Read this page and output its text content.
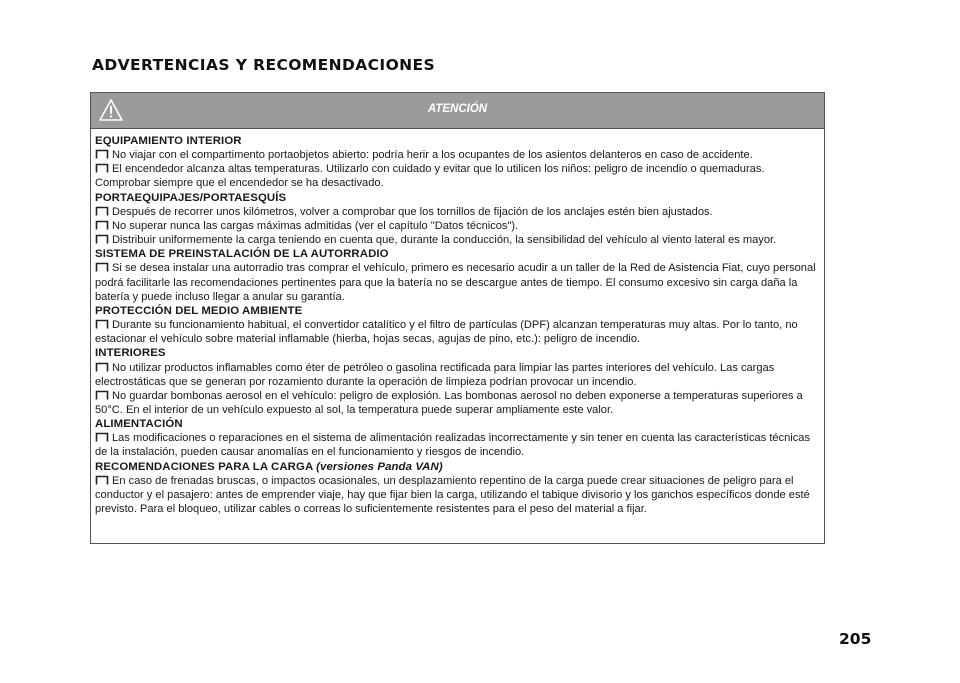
ADVERTENCIAS Y RECOMENDACIONES
ATENCIÓN
EQUIPAMIENTO INTERIOR
No viajar con el compartimento portaobjetos abierto: podría herir a los ocupantes de los asientos delanteros en caso de accidente.
El encendedor alcanza altas temperaturas. Utilizarlo con cuidado y evitar que lo utilicen los niños: peligro de incendio o quemaduras. Comprobar siempre que el encendedor se ha desactivado.
PORTAEQUIPAJES/PORTAESQUÍS
Después de recorrer unos kilómetros, volver a comprobar que los tornillos de fijación de los anclajes estén bien ajustados.
No superar nunca las cargas máximas admitidas (ver el capítulo "Datos técnicos").
Distribuir uniformemente la carga teniendo en cuenta que, durante la conducción, la sensibilidad del vehículo al viento lateral es mayor.
SISTEMA DE PREINSTALACIÓN DE LA AUTORRADIO
Si se desea instalar una autorradio tras comprar el vehículo, primero es necesario acudir a un taller de la Red de Asistencia Fiat, cuyo personal podrá facilitarle las recomendaciones pertinentes para que la batería no se descargue antes de tiempo. El consumo excesivo sin carga daña la batería y puede incluso llegar a anular su garantía.
PROTECCIÓN DEL MEDIO AMBIENTE
Durante su funcionamiento habitual, el convertidor catalítico y el filtro de partículas (DPF) alcanzan temperaturas muy altas. Por lo tanto, no estacionar el vehículo sobre material inflamable (hierba, hojas secas, agujas de pino, etc.): peligro de incendio.
INTERIORES
No utilizar productos inflamables como éter de petróleo o gasolina rectificada para limpiar las partes interiores del vehículo. Las cargas electrostáticas que se generan por rozamiento durante la operación de limpieza podrían provocar un incendio.
No guardar bombonas aerosol en el vehículo: peligro de explosión. Las bombonas aerosol no deben exponerse a temperaturas superiores a 50°C. En el interior de un vehículo expuesto al sol, la temperatura puede superar ampliamente este valor.
ALIMENTACIÓN
Las modificaciones o reparaciones en el sistema de alimentación realizadas incorrectamente y sin tener en cuenta las características técnicas de la instalación, pueden causar anomalías en el funcionamiento y riesgos de incendio.
RECOMENDACIONES PARA LA CARGA (versiones Panda VAN)
En caso de frenadas bruscas, o impactos ocasionales, un desplazamiento repentino de la carga puede crear situaciones de peligro para el conductor y el pasajero: antes de emprender viaje, hay que fijar bien la carga, utilizando el tabique divisorio y los ganchos específicos donde esté previsto. Para el bloqueo, utilizar cables o correas lo suficientemente resistentes para el peso del material a fijar.
205
